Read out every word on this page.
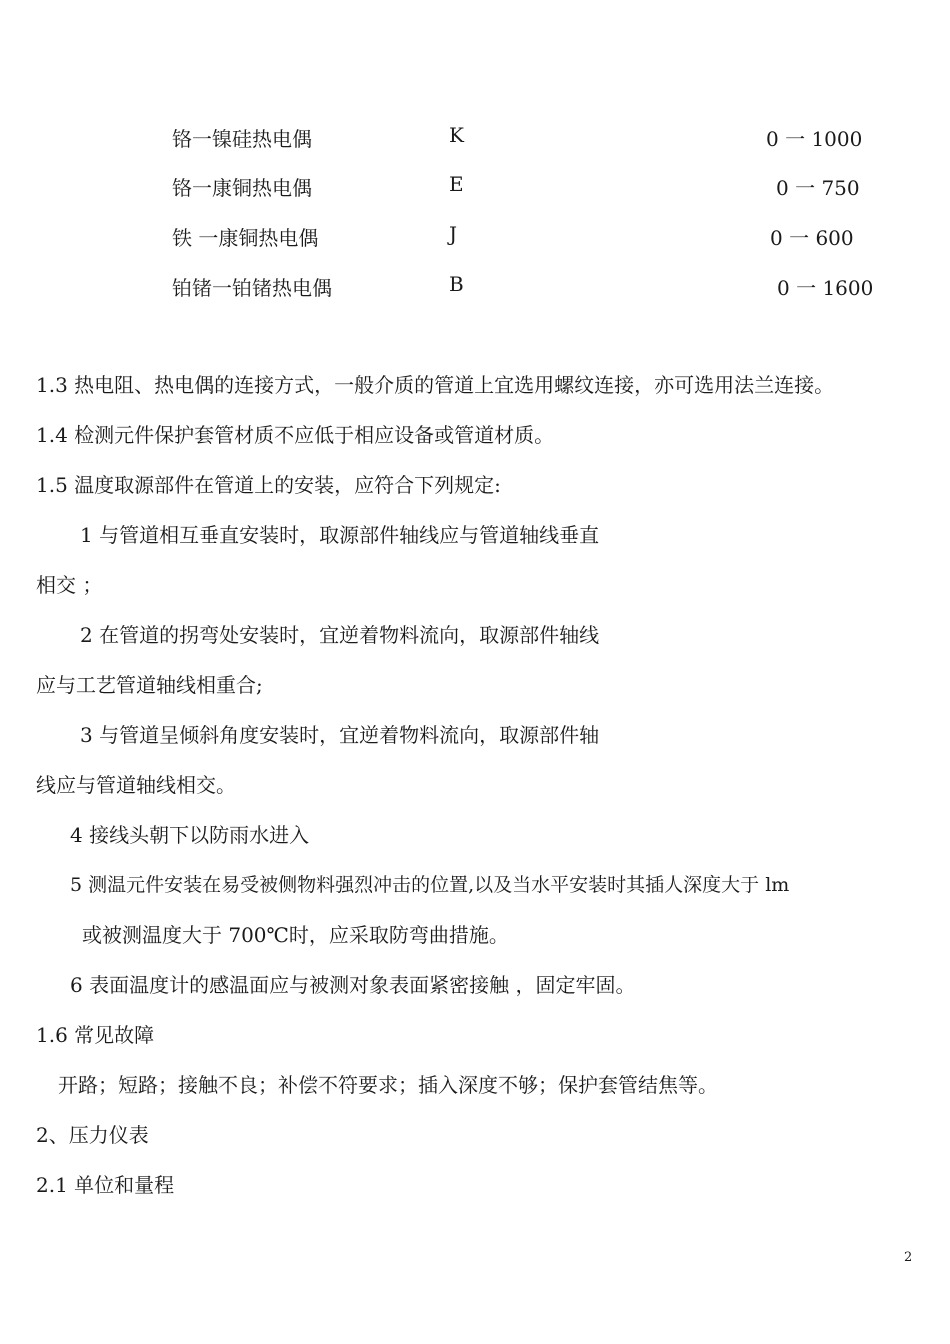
铬一镍硅热电偶	K	0 一 1000
铬一康铜热电偶	E	0 一 750
铁 一康铜热电偶	J	0 一 600
铂锗一铂锗热电偶	B	0 一 1600
1.3 热电阻、热电偶的连接方式，一般介质的管道上宜选用螺纹连接，亦可选用法兰连接。
1.4 检测元件保护套管材质不应低于相应设备或管道材质。
1.5 温度取源部件在管道上的安装，应符合下列规定:
1 与管道相互垂直安装时，取源部件轴线应与管道轴线垂直
相交 ；
2 在管道的拐弯处安装时，宜逆着物料流向，取源部件轴线
应与工艺管道轴线相重合;
3 与管道呈倾斜角度安装时，宜逆着物料流向，取源部件轴
线应与管道轴线相交。
4 接线头朝下以防雨水进入
5 测温元件安装在易受被侧物料强烈冲击的位置,以及当水平安装时其插人深度大于 lm
或被测温度大于 700℃时，应采取防弯曲措施。
6 表面温度计的感温面应与被测对象表面紧密接触 ，固定牢固。
1.6 常见故障
开路；短路；接触不良；补偿不符要求；插入深度不够；保护套管结焦等。
2、压力仪表
2.1 单位和量程
2
